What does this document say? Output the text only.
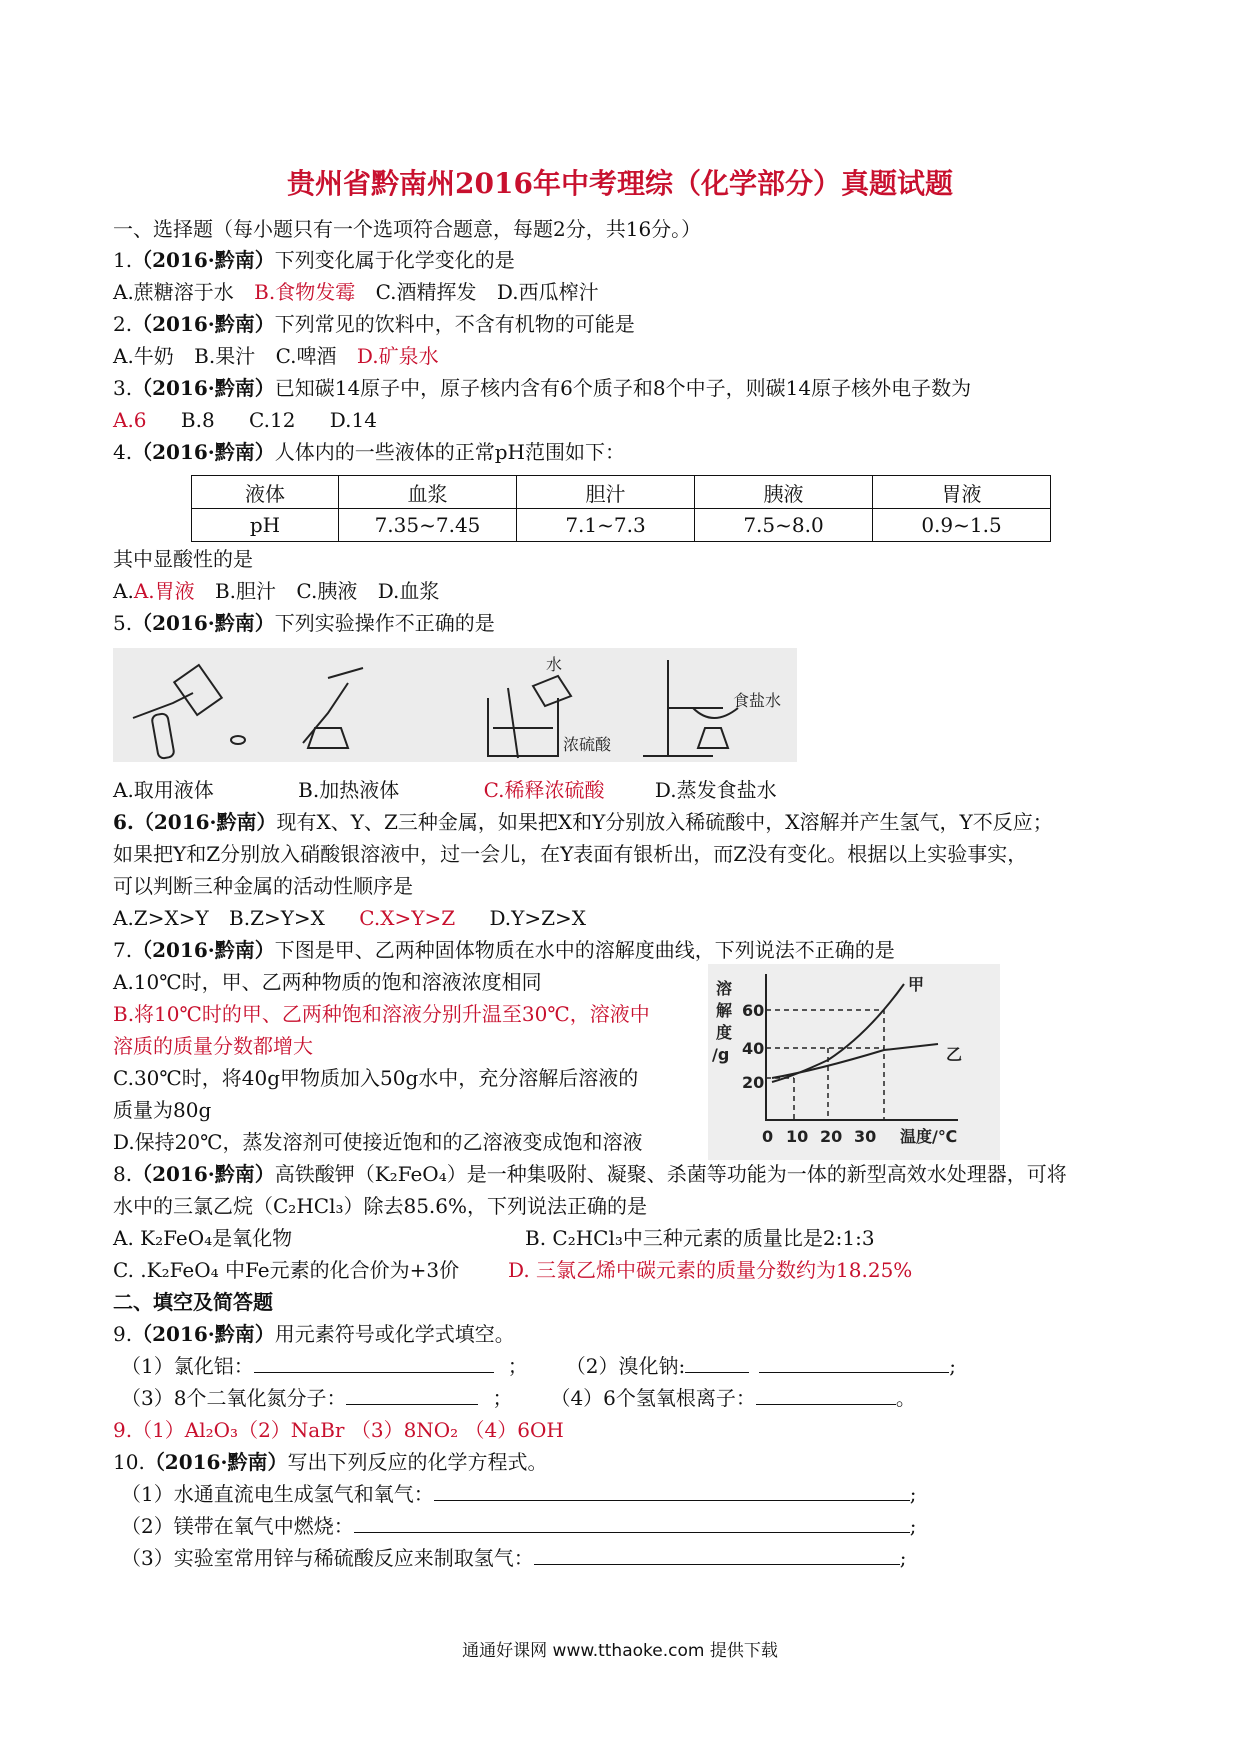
贵州省黔南州2016年中考理综（化学部分）真题试题
一、选择题（每小题只有一个选项符合题意，每题2分，共16分。）
1.（2016·黔南）下列变化属于化学变化的是
A.蔗糖溶于水 B.食物发霉 C.酒精挥发 D.西瓜榨汁
2.（2016·黔南）下列常见的饮料中，不含有机物的可能是
A.牛奶 B.果汁 C.啤酒 D.矿泉水
3.（2016·黔南）已知碳14原子中，原子核内含有6个质子和8个中子，则碳14原子核外电子数为
A.6 B.8 C.12 D.14
4.（2016·黔南）人体内的一些液体的正常pH范围如下：
液体	血浆	胆汁	胰液	胃液
pH	7.35~7.45	7.1~7.3	7.5~8.0	0.9~1.5
其中显酸性的是
A.A.胃液 B.胆汁 C.胰液 D.血浆
5.（2016·黔南）下列实验操作不正确的是
水
浓硫酸
食盐水
A.取用液体	B.加热液体	C.稀释浓硫酸	D.蒸发食盐水
6.（2016·黔南）现有X、Y、Z三种金属，如果把X和Y分别放入稀硫酸中，X溶解并产生氢气，Y不反应；
如果把Y和Z分别放入硝酸银溶液中，过一会儿，在Y表面有银析出，而Z没有变化。根据以上实验事实，
可以判断三种金属的活动性顺序是
A.Z>X>Y B.Z>Y>X C.X>Y>Z D.Y>Z>X
7.（2016·黔南）下图是甲、乙两种固体物质在水中的溶解度曲线，下列说法不正确的是
A.10℃时，甲、乙两种物质的饱和溶液浓度相同
B.将10℃时的甲、乙两种饱和溶液分别升温至30℃，溶液中
溶质的质量分数都增大
C.30℃时，将40g甲物质加入50g水中，充分溶解后溶液的
质量为80g
D.保持20℃，蒸发溶剂可使接近饱和的乙溶液变成饱和溶液
溶
解
度
/g
60
40
20
0 10 20 30 温度/℃
甲
乙
8.（2016·黔南）高铁酸钾（K₂FeO₄）是一种集吸附、凝聚、杀菌等功能为一体的新型高效水处理器，可将
水中的三氯乙烷（C₂HCl₃）除去85.6%，下列说法正确的是
A. K₂FeO₄是氧化物	B. C₂HCl₃中三种元素的质量比是2:1:3
C. .K₂FeO₄ 中Fe元素的化合价为+3价 D. 三氯乙烯中碳元素的质量分数约为18.25%
二、填空及简答题
9.（2016·黔南）用元素符号或化学式填空。
（1）氯化铝：	； （2）溴化钠:	;
（3）8个二氧化氮分子：	； （4）6个氢氧根离子：	。
9.（1）Al₂O₃（2）NaBr （3）8NO₂ （4）6OH
10.（2016·黔南）写出下列反应的化学方程式。
（1）水通直流电生成氢气和氧气：	;
（2）镁带在氧气中燃烧：	;
（3）实验室常用锌与稀硫酸反应来制取氢气：	;
通通好课网 www.tthaoke.com 提供下载
